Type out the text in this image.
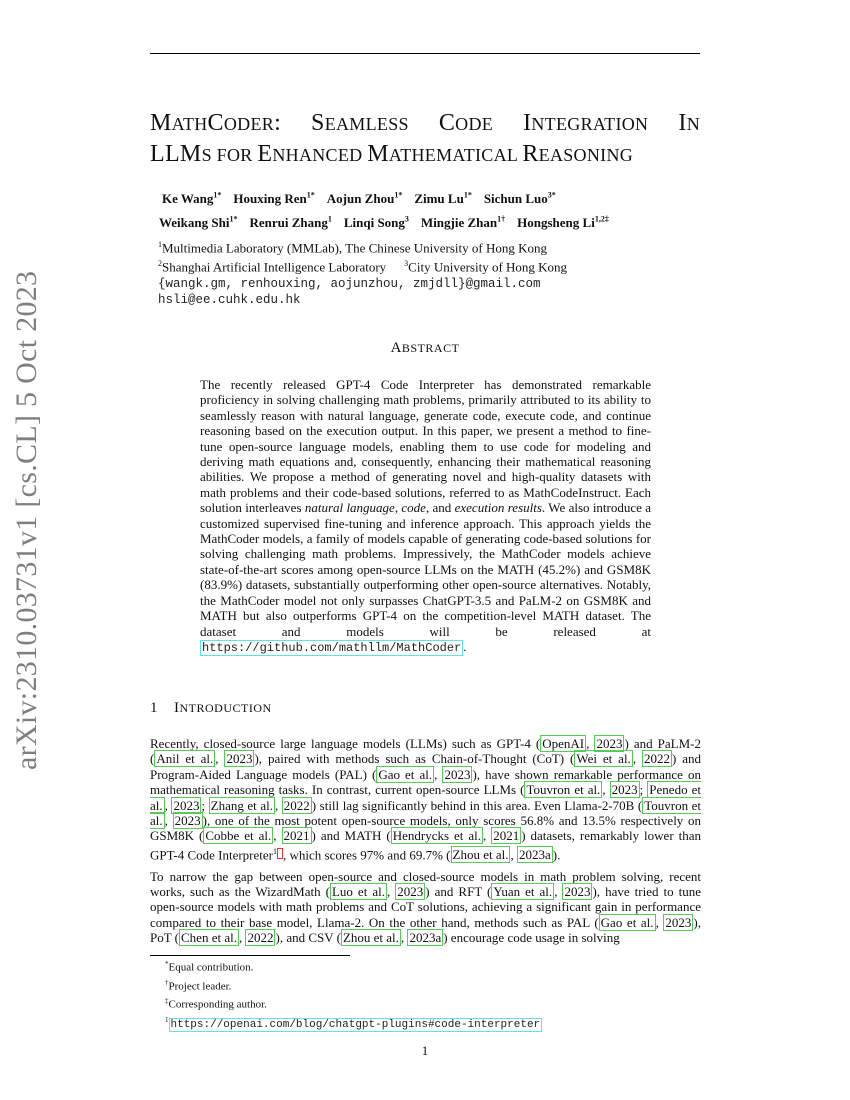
arXiv:2310.03731v1 [cs.CL] 5 Oct 2023
MATHCODER: SEAMLESS CODE INTEGRATION IN
LLMS FOR ENHANCED MATHEMATICAL REASONING
Ke Wang$^{1*}$ Houxing Ren$^{1*}$ Aojun Zhou$^{1*}$ Zimu $Lu^{1*}$ Sichun Luo$^{3*}$
Weikang Shi$^{1*}$ Renrui Zhang$^1$ Linqi Song$^3$ Mingjie Zhan$^{1\dagger}$ Hongsheng $Li^{1,2\ddagger}$
$^1$Multimedia Laboratory (MMLab), The Chinese University of Hong Kong
$^2$Shanghai Artificial Intelligence Laboratory $^3$City University of Hong Kong
{wangk.gm, renhouxing, aojunzhou, zmjdll}@gmail.com
hsli@ee.cuhk.edu.hk
ABSTRACT
The recently released GPT-4 Code Interpreter has demonstrated remarkable proficiency in solving challenging math problems, primarily attributed to its ability to seamlessly reason with natural language, generate code, execute code, and continue reasoning based on the execution output. In this paper, we present a method to fine-tune open-source language models, enabling them to use code for modeling and deriving math equations and, consequently, enhancing their mathematical reasoning abilities. We propose a method of generating novel and high-quality datasets with math problems and their code-based solutions, referred to as MathCodeInstruct. Each solution interleaves natural language, code, and execution results. We also introduce a customized supervised fine-tuning and inference approach. This approach yields the MathCoder models, a family of models capable of generating code-based solutions for solving challenging math problems. Impressively, the MathCoder models achieve state-of-the-art scores among open-source LLMs on the MATH (45.2%) and GSM8K (83.9%) datasets, substantially outperforming other open-source alternatives. Notably, the MathCoder model not only surpasses ChatGPT-3.5 and PaLM-2 on GSM8K and MATH but also outperforms GPT-4 on the competition-level MATH dataset. The dataset and models will be released at https://github.com/mathllm/MathCoder .
1 INTRODUCTION

Recently, closed-source large language models (LLMs) such as GPT-4 ( OpenAI , 2023 ) and PaLM-2 ( Anil et al. , 2023 ), paired with methods such as Chain-of-Thought (CoT) ( Wei et al. , 2022 ) and Program-Aided Language models (PAL) ( Gao et al. , 2023 ), have shown remarkable performance on mathematical reasoning tasks. In contrast, current open-source LLMs ( Touvron et al. , 2023 ; Penedo et al. , 2023 ; Zhang et al. , 2022 ) still lag significantly behind in this area. Even Llama-2-70B ( Touvron et al. , 2023 ), one of the most potent open-source models, only scores 56.8% and 13.5% respectively on GSM8K ( Cobbe et al. , 2021 ) and MATH ( Hendrycks et al. , 2021 ) datasets, remarkably lower than GPT-4 Code Interpreter$^1$ , which scores 97% and 69.7% ( Zhou et al. , 2023a ).

To narrow the gap between open-source and closed-source models in math problem solving, recent works, such as the WizardMath ( Luo et al. , 2023 ) and RFT ( Yuan et al. , 2023 ), have tried to tune open-source models with math problems and CoT solutions, achieving a significant gain in performance compared to their base model, Llama-2. On the other hand, methods such as PAL ( Gao et al. , 2023 ), PoT ( Chen et al. , 2022 ), and CSV ( Zhou et al. , 2023a ) encourage code usage in solving

*Equal contribution.
†Project leader.
‡Corresponding author.
$^1$ https://openai.com/blog/chatgpt-plugins#code-interpreter
1
